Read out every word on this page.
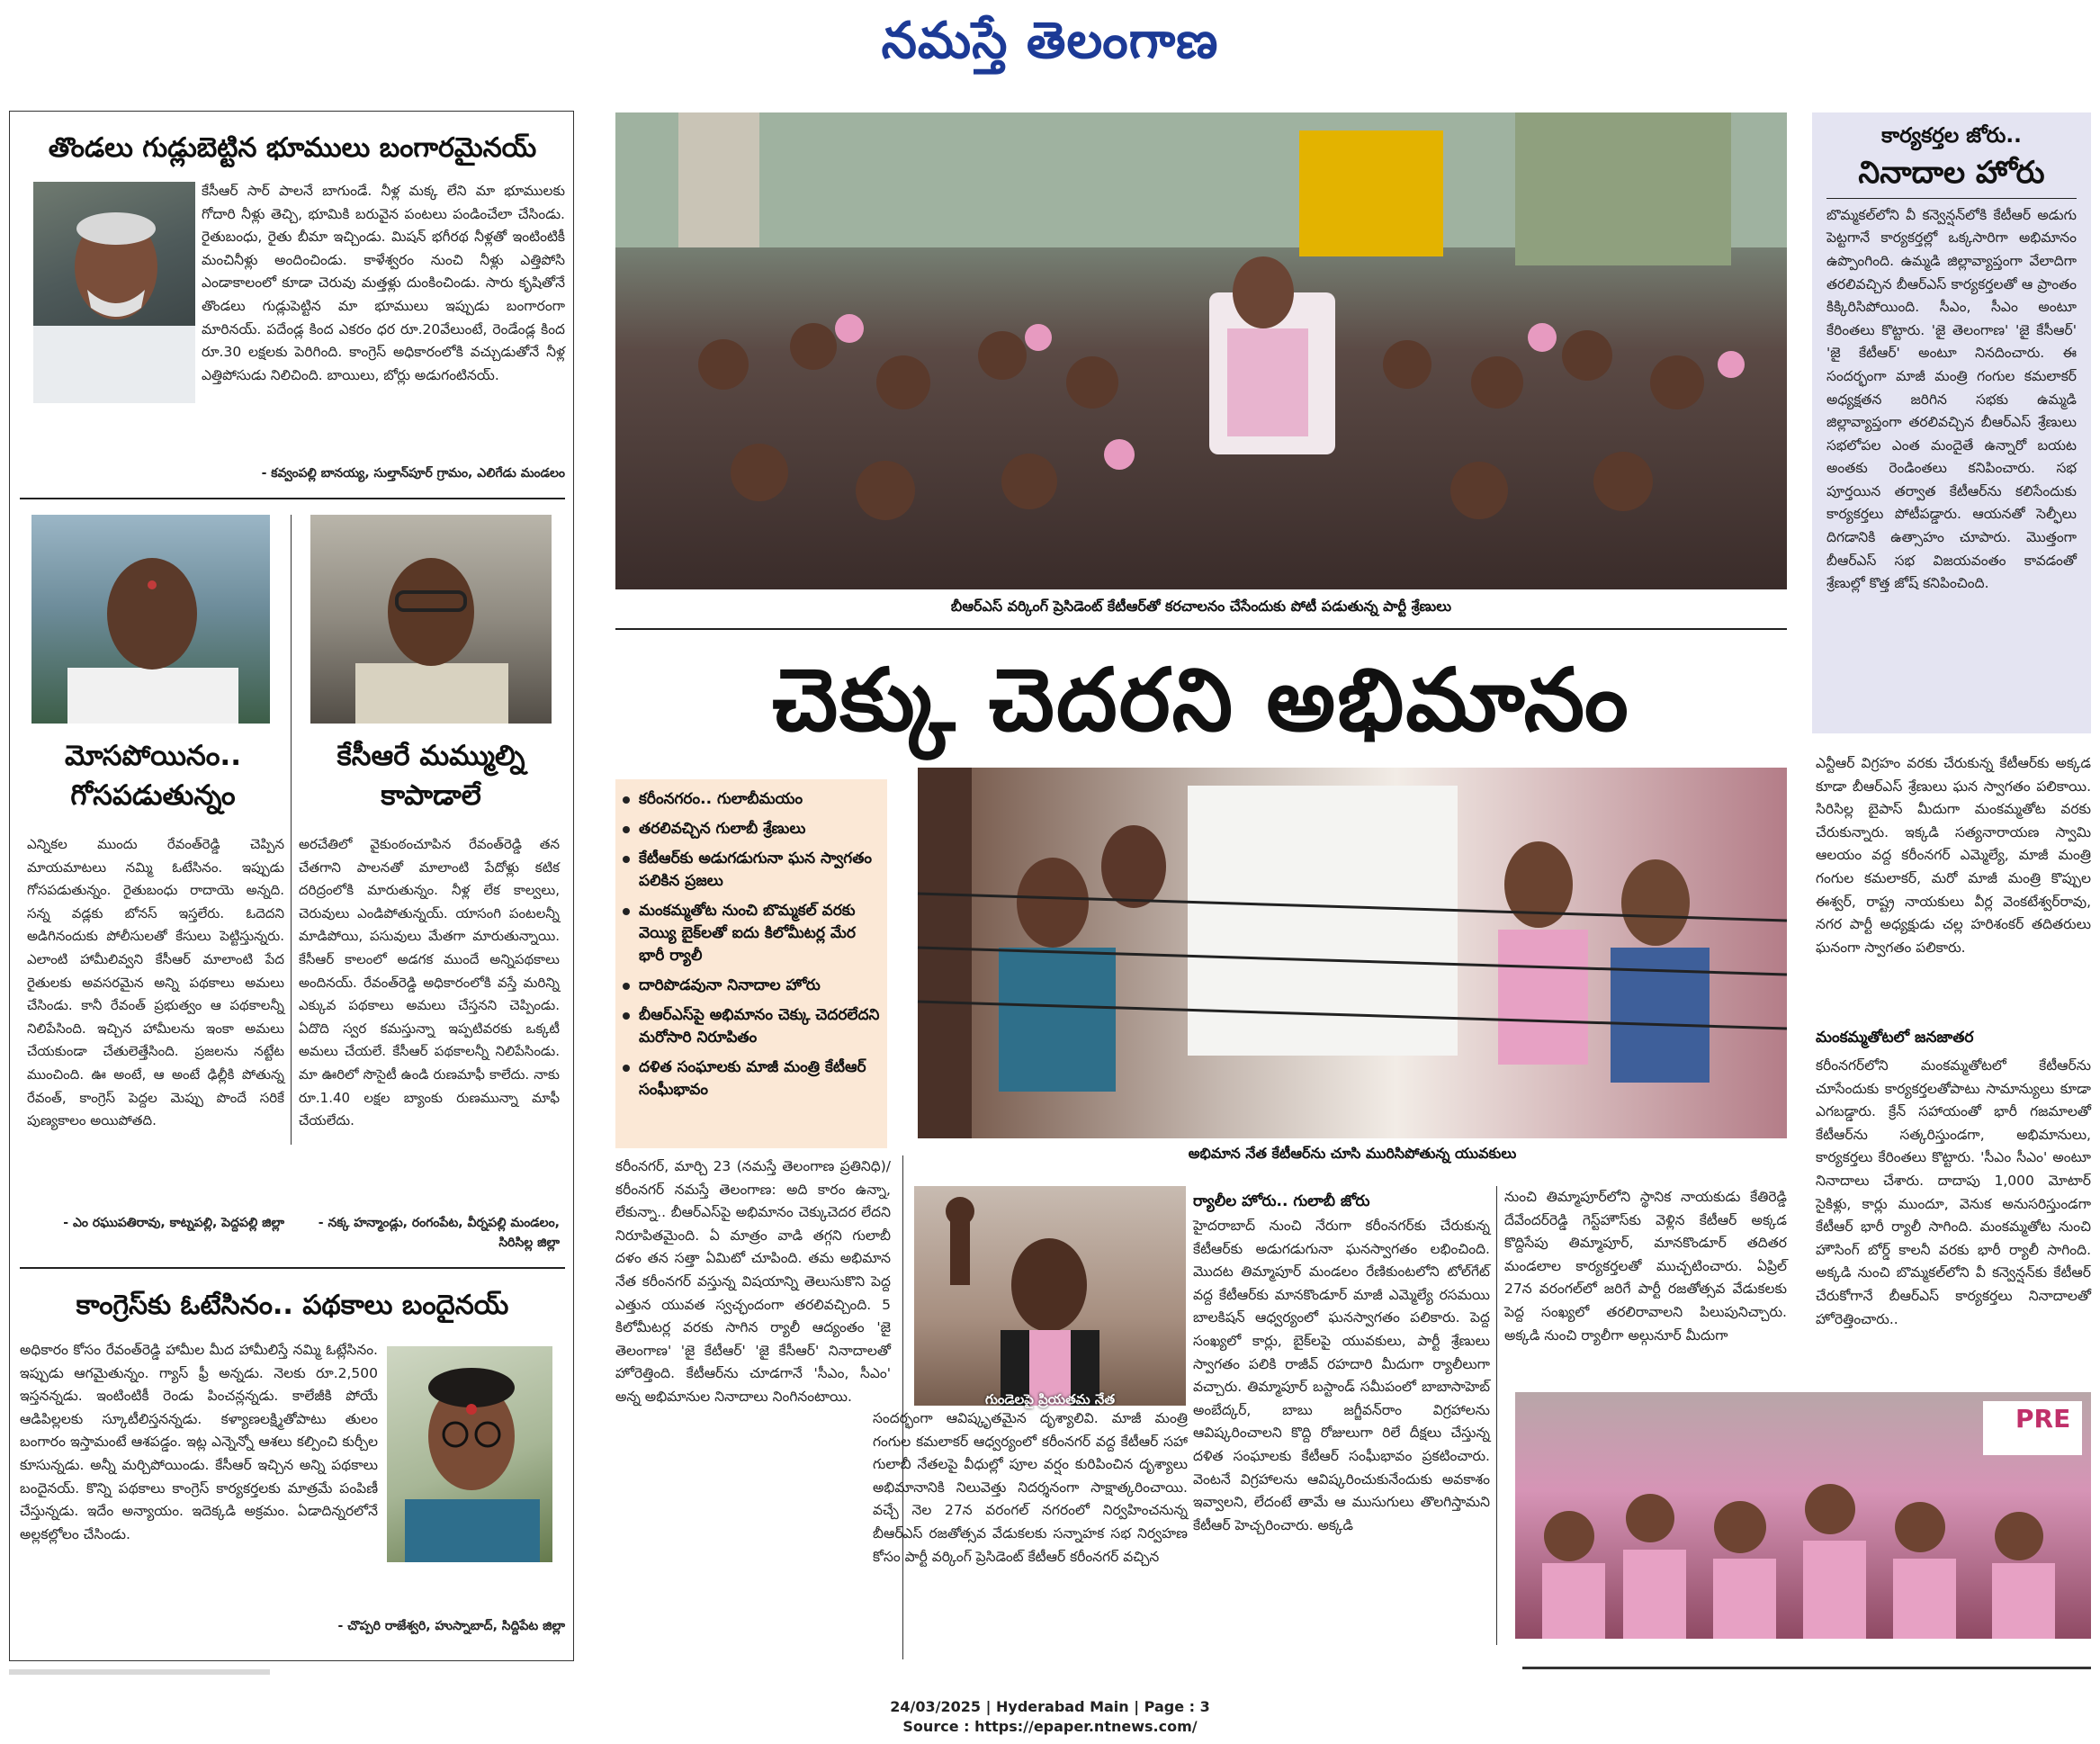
నమస్తే తెలంగాణ
తొండలు గుడ్లుబెట్టిన భూములు బంగారమైనయ్
కేసీఆర్ సార్ పాలనే బాగుండే. నీళ్ల మక్క లేని మా భూములకు గోదారి నీళ్లు తెచ్చి, భూమికి బరువైన పంటలు పండించేలా చేసిండు. రైతుబంధు, రైతు బీమా ఇచ్చిండు. మిషన్ భగీరథ నీళ్లతో ఇంటింటికీ మంచినీళ్లు అందించిండు. కాళేశ్వరం నుంచి నీళ్లు ఎత్తిపోసి ఎండాకాలంలో కూడా చెరువు మత్తళ్లు దుంకించిండు. సారు కృషితోనే తొండలు గుడ్లుపెట్టిన మా భూములు ఇప్పుడు బంగారంగా మారినయ్. పదేండ్ల కింద ఎకరం ధర రూ.20వేలుంటే, రెండేండ్ల కింద రూ.30 లక్షలకు పెరిగింది. కాంగ్రెస్ అధికారంలోకి వచ్చుడుతోనే నీళ్ల ఎత్తిపోసుడు నిలిచింది. బాయిలు, బోర్లు అడుగంటినయ్.
- కవ్వంపల్లి బానయ్య, సుల్తాన్‌పూర్ గ్రామం, ఎలిగేడు మండలం
మోసపోయినం..
గోసపడుతున్నం
ఎన్నికల ముందు రేవంత్‌రెడ్డి చెప్పిన మాయమాటలు నమ్మి ఓటేసినం. ఇప్పుడు గోసపడుతున్నం. రైతుబంధు రాదాయె అన్నది. సన్న వడ్లకు బోనస్ ఇస్తలేరు. ఓదెదని అడిగినందుకు పోలీసులతో కేసులు పెట్టిస్తున్నరు. ఎలాంటి హామీలివ్వని కేసీఆర్ మాలాంటి పేద రైతులకు అవసరమైన అన్ని పథకాలు అమలు చేసిండు. కానీ రేవంత్ ప్రభుత్వం ఆ పథకాలన్నీ నిలిపేసింది. ఇచ్చిన హామీలను ఇంకా అమలు చేయకుండా చేతులెత్తేసింది. ప్రజలను నట్టేట ముంచింది. ఊ అంటే, ఆ అంటే ఢిల్లీకి పోతున్న రేవంత్, కాంగ్రెస్ పెద్దల మెప్పు పొందే సరికే పుణ్యకాలం అయిపోతది.
- ఎం రఘుపతిరావు, కాట్నపల్లి, పెద్దపల్లి జిల్లా
కేసీఆరే మమ్ముల్ని
కాపాడాలే
అరచేతిలో వైకుంఠంచూపిన రేవంత్‌రెడ్డి తన చేతగాని పాలనతో మాలాంటి పేదోళ్లు కటిక దరిద్రంలోకి మారుతున్నం. నీళ్ల లేక కాల్వలు, చెరువులు ఎండిపోతున్నయ్. యాసంగి పంటలన్నీ మాడిపోయి, పసువులు మేతగా మారుతున్నాయి. కేసీఆర్ కాలంలో అడగక ముందే అన్నిపథకాలు అందినయ్. రేవంత్‌రెడ్డి అధికారంలోకి వస్తే మరిన్ని ఎక్కువ పథకాలు అమలు చేస్తనని చెప్పిండు. ఏదొది స్వర కమస్తున్నా ఇప్పటివరకు ఒక్కటీ అమలు చేయలే. కేసీఆర్ పథకాలన్నీ నిలిపేసిండు. మా ఊరిలో సొసైటీ ఉండి రుణమాఫీ కాలేదు. నాకు రూ.1.40 లక్షల బ్యాంకు రుణమున్నా మాఫీ చేయలేదు.
- నక్క హన్మాండ్లు, రంగంపేట, వీర్నపల్లి మండలం, సిరిసిల్ల జిల్లా
కాంగ్రెస్‌కు ఓటేసినం.. పథకాలు బందైనయ్
అధికారం కోసం రేవంత్‌రెడ్డి హామీల మీద హామీలిస్తే నమ్మి ఓట్లేసినం. ఇప్పుడు ఆగమైతున్నం. గ్యాస్ ఫ్రీ అన్నడు. నెలకు రూ.2,500 ఇస్తనన్నడు. ఇంటింటికీ రెండు పించన్లన్నడు. కాలేజీకి పోయే ఆడిపిల్లలకు స్కూటీలిస్తనన్నడు. కళ్యాణలక్ష్మితోపాటు తులం బంగారం ఇస్తామంటే ఆశపడ్డం. ఇట్ల ఎన్నెన్నో ఆశలు కల్పించి కుర్చీల కూసున్నడు. అన్నీ మర్చిపోయిండు. కేసీఆర్ ఇచ్చిన అన్ని పథకాలు బందైనయ్. కొన్ని పథకాలు కాంగ్రెస్ కార్యకర్తలకు మాత్రమే పంపిణీ చేస్తున్నడు. ఇదేం అన్యాయం. ఇదెక్కడి అక్రమం. ఏడాదిన్నరలోనే అల్లకల్లోలం చేసిండు.
- చొప్పరి రాజేశ్వరి, హుస్నాబాద్, సిద్దిపేట జిల్లా
బీఆర్ఎస్ వర్కింగ్ ప్రెసిడెంట్ కేటీఆర్‌తో కరచాలనం చేసేందుకు పోటీ పడుతున్న పార్టీ శ్రేణులు
చెక్కు చెదరని అభిమానం
కరీంనగరం.. గులాబీమయం
తరలివచ్చిన గులాబీ శ్రేణులు
కేటీఆర్‌కు అడుగడుగునా ఘన స్వాగతం పలికిన ప్రజలు
మంకమ్మతోట నుంచి బొమ్మకల్ వరకు వెయ్యి బైక్‌లతో ఐదు కిలోమీటర్ల మేర భారీ ర్యాలీ
దారిపొడవునా నినాదాల హోరు
బీఆర్ఎస్‌పై అభిమానం చెక్కు చెదరలేదని మరోసారి నిరూపితం
దళిత సంఘాలకు మాజీ మంత్రి కేటీఆర్ సంఘీభావం
అభిమాన నేత కేటీఆర్‌ను చూసి మురిసిపోతున్న యువకులు
కరీంనగర్, మార్చి 23 (నమస్తే తెలంగాణ ప్రతినిధి)/కరీంనగర్ నమస్తే తెలంగాణ: అది కారం ఉన్నా, లేకున్నా.. బీఆర్ఎస్‌పై అభిమానం చెక్కుచెదర లేదని నిరూపితమైంది. ఏ మాత్రం వాడి తగ్గని గులాబీ దళం తన సత్తా ఏమిటో చూపింది. తమ అభిమాన నేత కరీంనగర్ వస్తున్న విషయాన్ని తెలుసుకొని పెద్ద ఎత్తున యువత స్వచ్ఛందంగా తరలివచ్చింది. 5 కిలోమీటర్ల వరకు సాగిన ర్యాలీ ఆద్యంతం 'జై తెలంగాణ' 'జై కేటీఆర్' 'జై కేసీఆర్' నినాదాలతో హోరెత్తింది. కేటీఆర్‌ను చూడగానే 'సీఎం, సీఎం' అన్న అభిమానుల నినాదాలు నింగినంటాయి.	గుండెలపై ప్రియతమ నేత
సందర్భంగా ఆవిష్కృతమైన దృశ్యాలివి. మాజీ మంత్రి గంగుల కమలాకర్ ఆధ్వర్యంలో కరీంనగర్ వద్ద కేటీఆర్ సహా గులాబీ నేతలపై వీధుల్లో పూల వర్షం కురిపించిన దృశ్యాలు అభిమానానికి నిలువెత్తు నిదర్శనంగా సాక్షాత్కరించాయి. వచ్చే నెల 27న వరంగల్ నగరంలో నిర్వహించనున్న బీఆర్ఎస్ రజతోత్సవ వేడుకలకు సన్నాహక సభ నిర్వహణ కోసం పార్టీ వర్కింగ్ ప్రెసిడెంట్ కేటీఆర్ కరీంనగర్ వచ్చిన
ర్యాలీల హోరు.. గులాబీ జోరు
హైదరాబాద్ నుంచి నేరుగా కరీంనగర్‌కు చేరుకున్న కేటీఆర్‌కు అడుగడుగునా ఘనస్వాగతం లభించింది. మొదట తిమ్మాపూర్ మండలం రేణికుంటలోని టోల్‌గేట్ వద్ద కేటీఆర్‌కు మానకొండూర్ మాజీ ఎమ్మెల్యే రసమయి బాలకిషన్ ఆధ్వర్యంలో ఘనస్వాగతం పలికారు. పెద్ద సంఖ్యలో కార్లు, బైక్‌లపై యువకులు, పార్టీ శ్రేణులు స్వాగతం పలికి రాజీవ్ రహదారి మీదుగా ర్యాలీలుగా వచ్చారు. తిమ్మాపూర్ బస్టాండ్ సమీపంలో బాబాసాహెబ్ అంబేద్కర్, బాబు జగ్జీవన్‌రాం విగ్రహాలను ఆవిష్కరించాలని కొద్ది రోజులుగా రిలే దీక్షలు చేస్తున్న దళిత సంఘాలకు కేటీఆర్ సంఘీభావం ప్రకటించారు. వెంటనే విగ్రహాలను ఆవిష్కరించుకునేందుకు అవకాశం ఇవ్వాలని, లేదంటే తామే ఆ ముసుగులు తొలగిస్తామని కేటీఆర్ హెచ్చరించారు. అక్కడి
నుంచి తిమ్మాపూర్‌లోని స్థానిక నాయకుడు కేతిరెడ్డి దేవేందర్‌రెడ్డి గెస్ట్‌హౌస్‌కు వెళ్లిన కేటీఆర్ అక్కడ కొద్దిసేపు తిమ్మాపూర్, మానకొండూర్ తదితర మండలాల కార్యకర్తలతో ముచ్చటించారు. ఏప్రిల్ 27న వరంగల్‌లో జరిగే పార్టీ రజతోత్సవ వేడుకలకు పెద్ద సంఖ్యలో తరలిరావాలని పిలుపునిచ్చారు. అక్కడి నుంచి ర్యాలీగా అల్గునూర్ మీదుగా
కార్యకర్తల జోరు..
నినాదాల హోరు
బొమ్మకల్‌లోని వీ కన్వెన్షన్‌లోకి కేటీఆర్ అడుగు పెట్టగానే కార్యకర్తల్లో ఒక్కసారిగా అభిమానం ఉప్పొంగింది. ఉమ్మడి జిల్లావ్యాప్తంగా వేలాదిగా తరలివచ్చిన బీఆర్ఎస్ కార్యకర్తలతో ఆ ప్రాంతం కిక్కిరిసిపోయింది. సీఎం, సీఎం అంటూ కేరింతలు కొట్టారు. 'జై తెలంగాణ' 'జై కేసీఆర్' 'జై కేటీఆర్' అంటూ నినదించారు. ఈ సందర్భంగా మాజీ మంత్రి గంగుల కమలాకర్ అధ్యక్షతన జరిగిన సభకు ఉమ్మడి జిల్లావ్యాప్తంగా తరలివచ్చిన బీఆర్ఎస్ శ్రేణులు సభలోపల ఎంత మందైతే ఉన్నారో బయట అంతకు రెండింతలు కనిపించారు. సభ పూర్తయిన తర్వాత కేటీఆర్‌ను కలిసేందుకు కార్యకర్తలు పోటీపడ్డారు. ఆయనతో సెల్ఫీలు దిగడానికి ఉత్సాహం చూపారు. మొత్తంగా బీఆర్ఎస్ సభ విజయవంతం కావడంతో శ్రేణుల్లో కొత్త జోష్ కనిపించింది.
ఎన్టీఆర్ విగ్రహం వరకు చేరుకున్న కేటీఆర్‌కు అక్కడ కూడా బీఆర్ఎస్ శ్రేణులు ఘన స్వాగతం పలికాయి. సిరిసిల్ల బైపాస్ మీదుగా మంకమ్మతోట వరకు చేరుకున్నారు. ఇక్కడి సత్యనారాయణ స్వామి ఆలయం వద్ద కరీంనగర్ ఎమ్మెల్యే, మాజీ మంత్రి గంగుల కమలాకర్, మరో మాజీ మంత్రి కొప్పుల ఈశ్వర్, రాష్ట్ర నాయకులు వీర్ల వెంకటేశ్వర్‌రావు, నగర పార్టీ అధ్యక్షుడు చల్ల హరిశంకర్ తదితరులు ఘనంగా స్వాగతం పలికారు.
మంకమ్మతోటలో జనజాతర
కరీంనగర్‌లోని మంకమ్మతోటలో కేటీఆర్‌ను చూసేందుకు కార్యకర్తలతోపాటు సామాన్యులు కూడా ఎగబడ్డారు. క్రేన్ సహాయంతో భారీ గజమాలతో కేటీఆర్‌ను సత్కరిస్తుండగా, అభిమానులు, కార్యకర్తలు కేరింతలు కొట్టారు. 'సీఎం సీఎం' అంటూ నినాదాలు చేశారు. దాదాపు 1,000 మోటార్ సైకిళ్లు, కార్లు ముందూ, వెనుక అనుసరిస్తుండగా కేటీఆర్ భారీ ర్యాలీ సాగింది. మంకమ్మతోట నుంచి హౌసింగ్ బోర్డ్ కాలనీ వరకు భారీ ర్యాలీ సాగింది. అక్కడి నుంచి బొమ్మకల్‌లోని వీ కన్వెన్షన్‌కు కేటీఆర్ చేరుకోగానే బీఆర్ఎస్ కార్యకర్తలు నినాదాలతో హోరెత్తించారు..
PRE
24/03/2025 | Hyderabad Main | Page : 3
Source : https://epaper.ntnews.com/
